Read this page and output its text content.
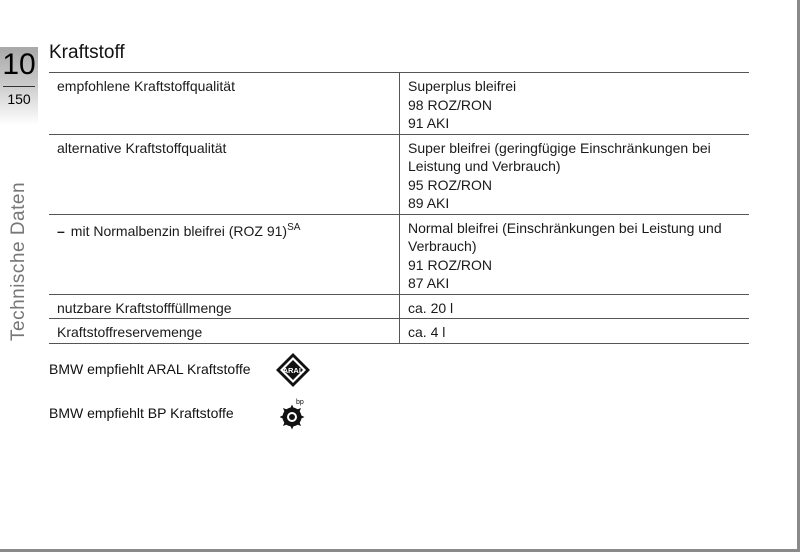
10
150
Technische Daten
Kraftstoff
empfohlene Kraftstoffqualität	Superplus bleifrei
98 ROZ/RON
91 AKI

alternative Kraftstoffqualität	Super bleifrei (geringfügige Einschränkungen bei Leistung und Verbrauch)
95 ROZ/RON
89 AKI

– mit Normalbenzin bleifrei (ROZ 91)$^{SA}$	Normal bleifrei (Einschränkungen bei Leistung und Verbrauch)
91 ROZ/RON
87 AKI

nutzbare Kraftstofffüllmenge	ca. 20 l

Kraftstoffreservemenge	ca. 4 l
BMW empfiehlt ARAL Kraftstoffe	ARAL
BMW empfiehlt BP Kraftstoffe
bp
